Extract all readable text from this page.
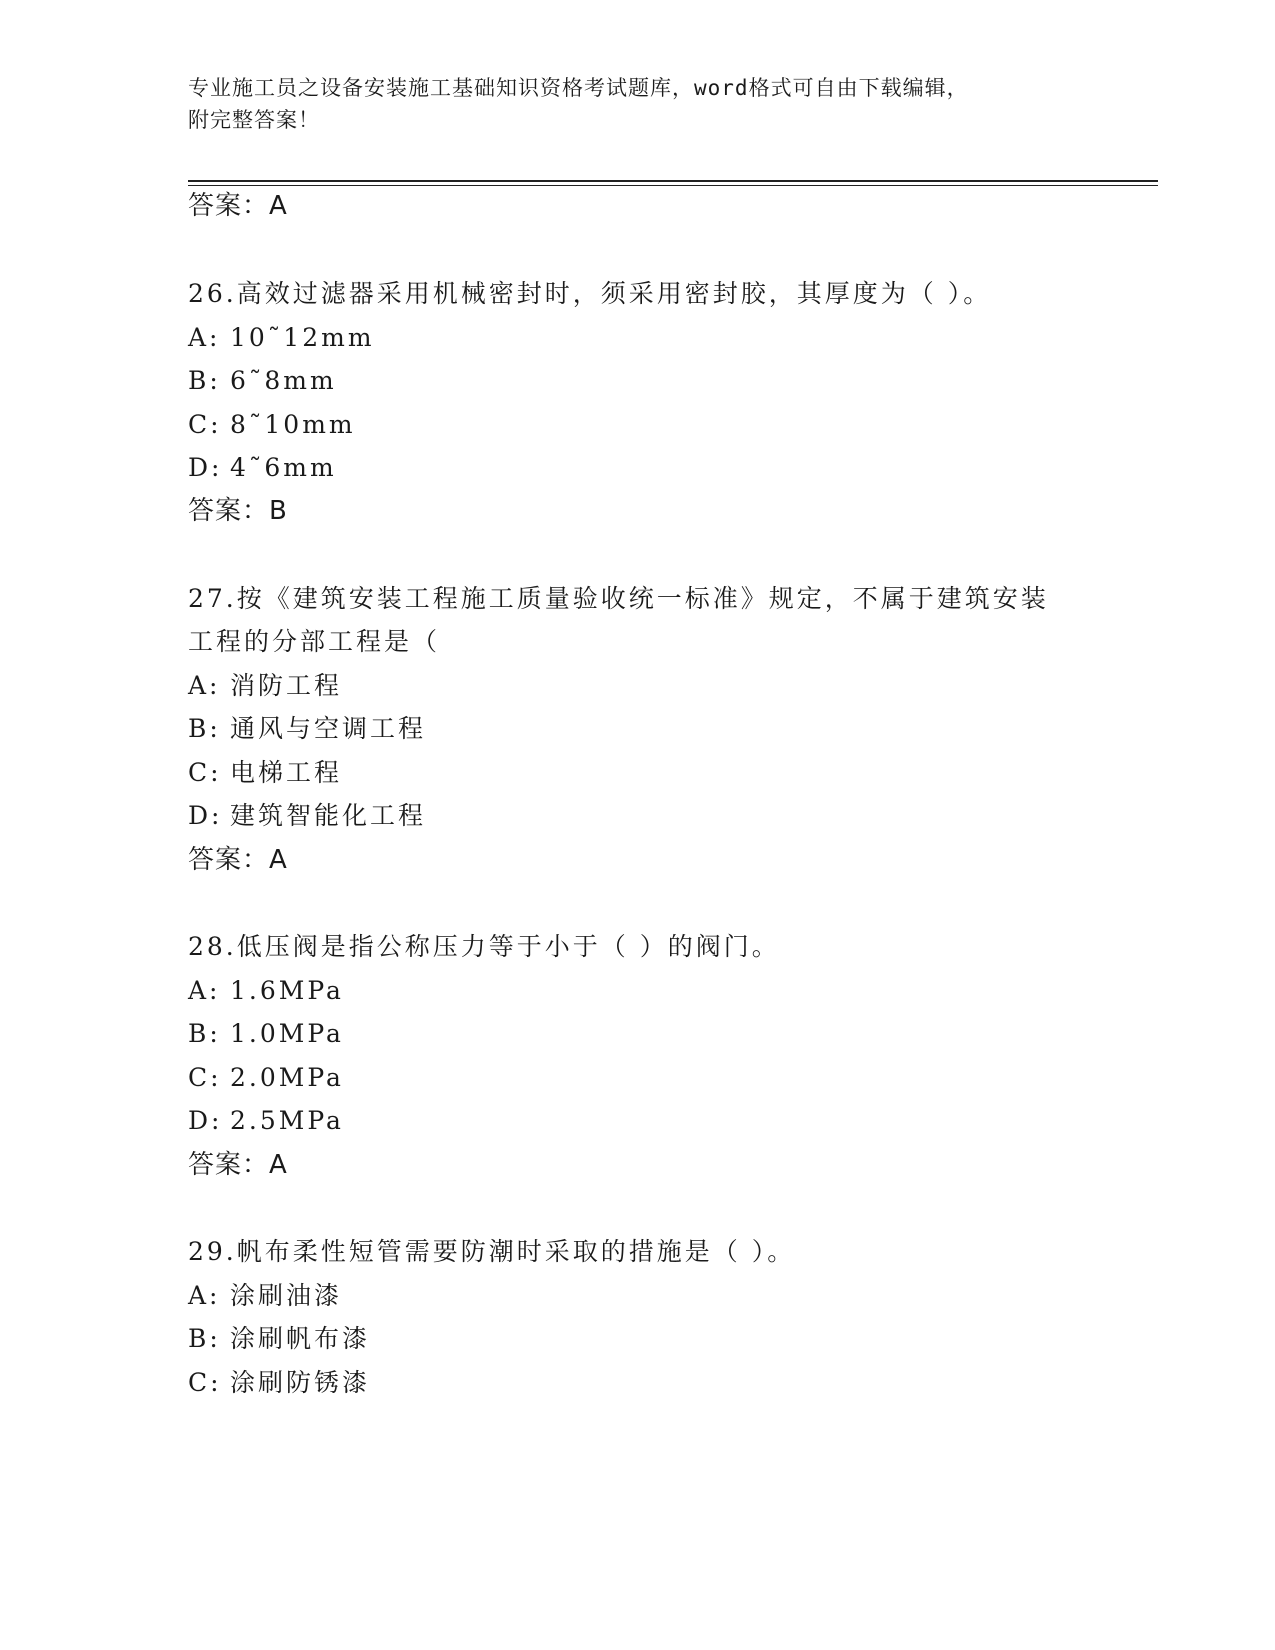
专业施工员之设备安装施工基础知识资格考试题库，word格式可自由下载编辑，
附完整答案！
答案：A
26.高效过滤器采用机械密封时，须采用密封胶，其厚度为（ ）。
A: 10˜12mm
B: 6˜8mm
C: 8˜10mm
D: 4˜6mm
答案：B
27.按《建筑安装工程施工质量验收统一标准》规定，不属于建筑安装
工程的分部工程是（
A: 消防工程
B: 通风与空调工程
C: 电梯工程
D: 建筑智能化工程
答案：A
28.低压阀是指公称压力等于小于（ ）的阀门。
A: 1.6MPa
B: 1.0MPa
C: 2.0MPa
D: 2.5MPa
答案：A
29.帆布柔性短管需要防潮时采取的措施是（ ）。
A: 涂刷油漆
B: 涂刷帆布漆
C: 涂刷防锈漆
